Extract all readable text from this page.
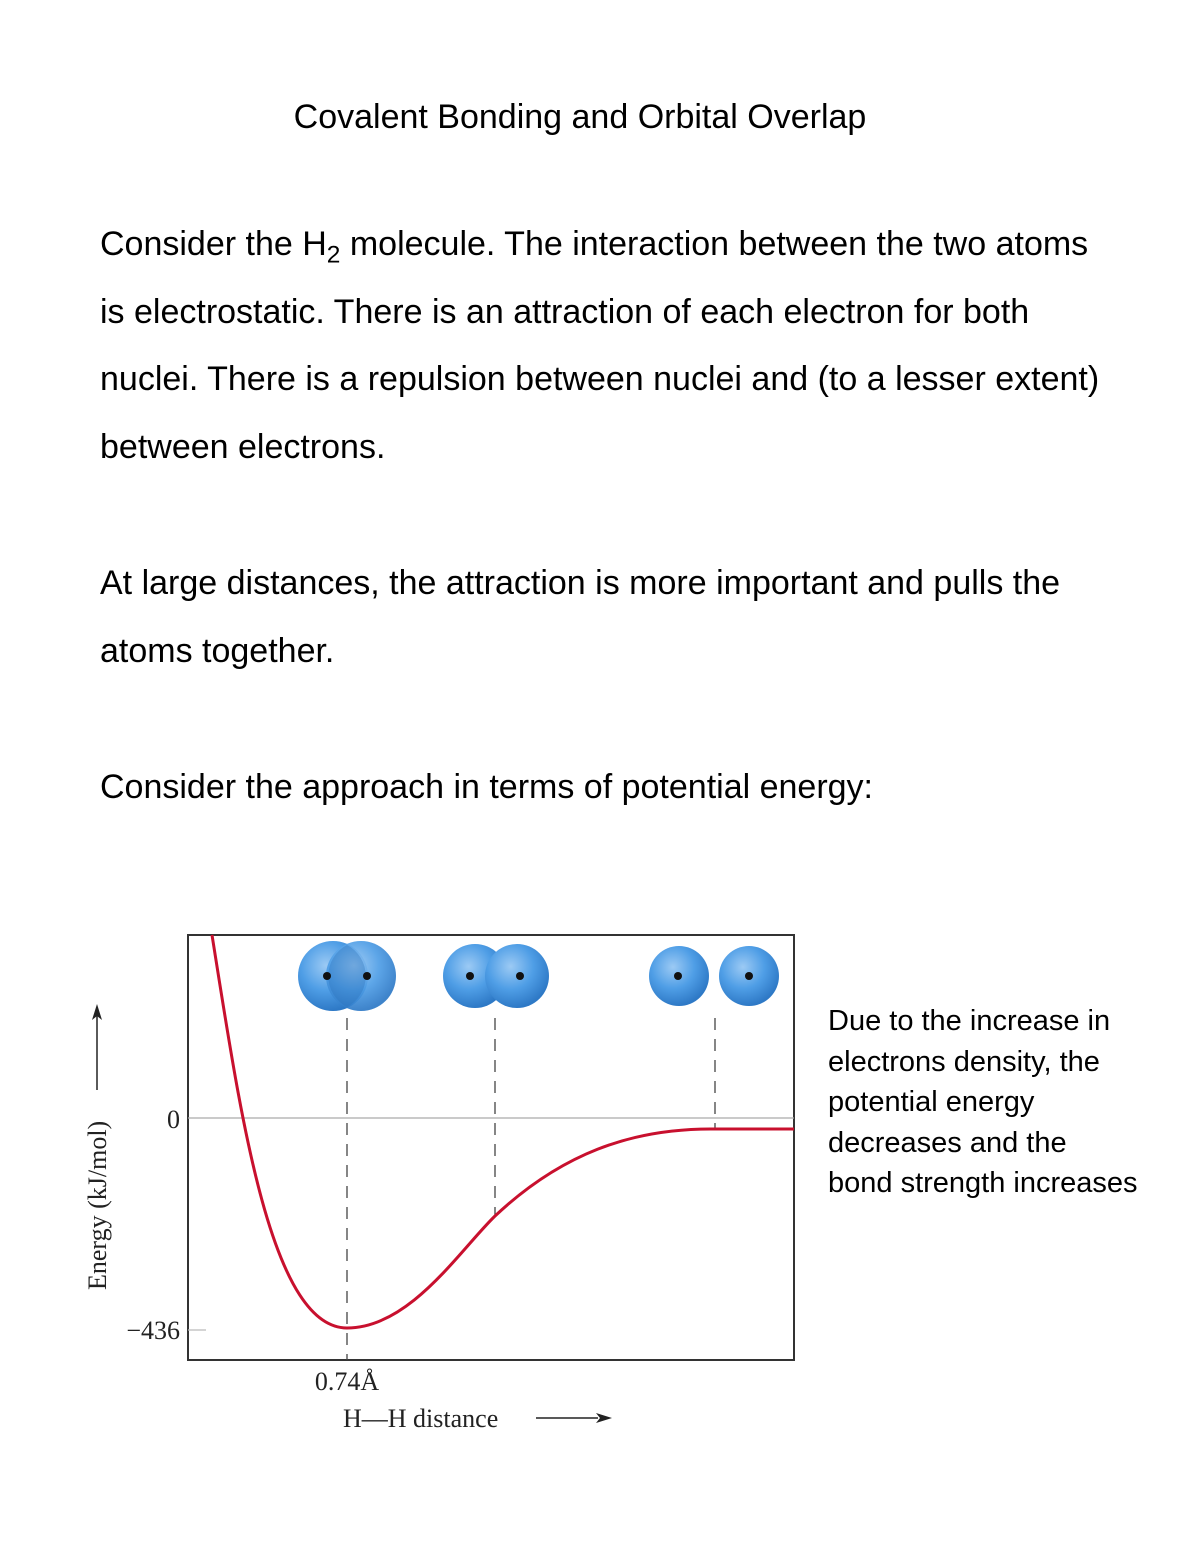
Covalent Bonding and Orbital Overlap
Consider the $H_2$ molecule. The interaction between the two atoms is electrostatic. There is an attraction of each electron for both nuclei. There is a repulsion between nuclei and (to a lesser extent) between electrons.
At large distances, the attraction is more important and pulls the atoms together.
Consider the approach in terms of potential energy:
0
−436
0.74Å
H—H distance
Energy (kJ/mol)
Due to the increase in electrons density, the potential energy decreases and the bond strength increases
